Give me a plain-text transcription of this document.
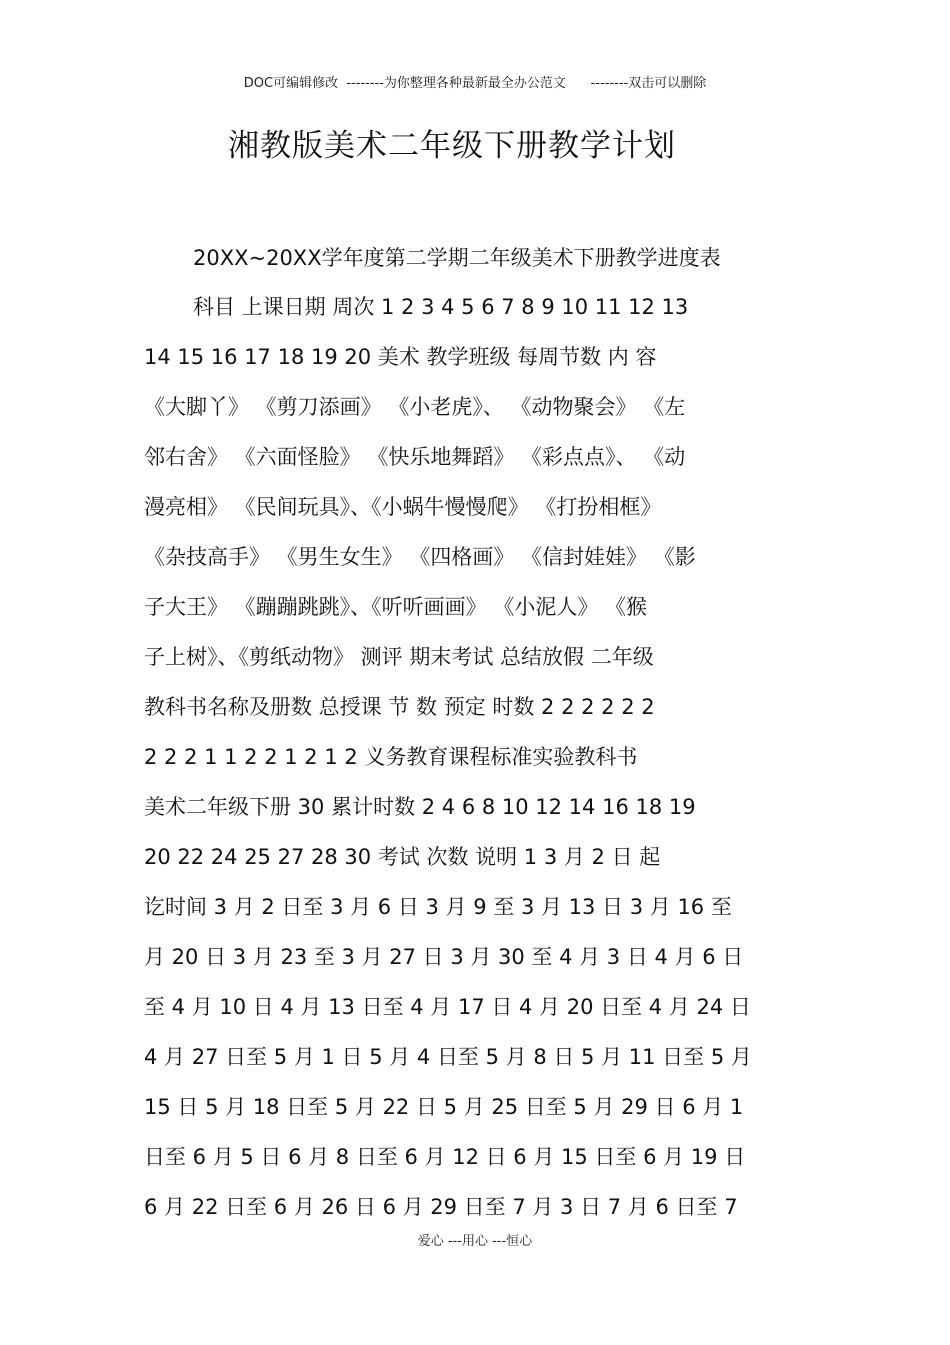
DOC可编辑修改  --------为你整理各种最新最全办公范文      --------双击可以删除
湘教版美术二年级下册教学计划
20XX~20XX学年度第二学期二年级美术下册教学进度表
科目 上课日期 周次 1 2 3 4 5 6 7 8 9 10 11 12 13
14 15 16 17 18 19 20 美术 教学班级 每周节数 内 容
《大脚丫》 《剪刀添画》 《小老虎》、 《动物聚会》 《左
邻右舍》 《六面怪脸》 《快乐地舞蹈》 《彩点点》、 《动
漫亮相》 《民间玩具》、《小蜗牛慢慢爬》 《打扮相框》
《杂技高手》 《男生女生》 《四格画》 《信封娃娃》 《影
子大王》 《蹦蹦跳跳》、《听听画画》 《小泥人》 《猴
子上树》、《剪纸动物》 测评 期末考试 总结放假 二年级
教科书名称及册数 总授课 节 数 预定 时数 2 2 2 2 2 2
2 2 2 1 1 2 2 1 2 1 2 义务教育课程标准实验教科书
美术二年级下册 30 累计时数 2 4 6 8 10 12 14 16 18 19
20 22 24 25 27 28 30 考试 次数 说明 1 3 月 2 日 起
讫时间 3 月 2 日至 3 月 6 日 3 月 9 至 3 月 13 日 3 月 16 至
月 20 日 3 月 23 至 3 月 27 日 3 月 30 至 4 月 3 日 4 月 6 日
至 4 月 10 日 4 月 13 日至 4 月 17 日 4 月 20 日至 4 月 24 日
4 月 27 日至 5 月 1 日 5 月 4 日至 5 月 8 日 5 月 11 日至 5 月
15 日 5 月 18 日至 5 月 22 日 5 月 25 日至 5 月 29 日 6 月 1
日至 6 月 5 日 6 月 8 日至 6 月 12 日 6 月 15 日至 6 月 19 日
6 月 22 日至 6 月 26 日 6 月 29 日至 7 月 3 日 7 月 6 日至 7
爱心 ---用心 ---恒心
